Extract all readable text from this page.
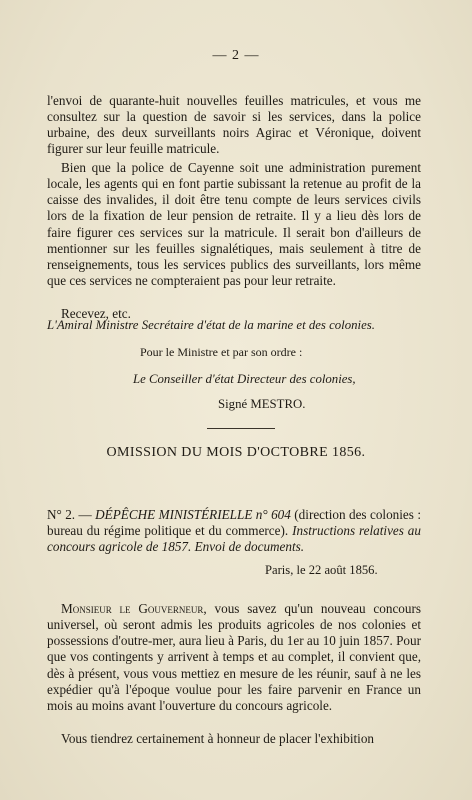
— 2 —

l'envoi de quarante-huit nouvelles feuilles matricules, et vous me consultez sur la question de savoir si les services, dans la police urbaine, des deux surveillants noirs Agirac et Véronique, doivent figurer sur leur feuille matricule.

Bien que la police de Cayenne soit une administration purement locale, les agents qui en font partie subissant la retenue au profit de la caisse des invalides, il doit être tenu compte de leurs services civils lors de la fixation de leur pension de retraite. Il y a lieu dès lors de faire figurer ces services sur la matricule. Il serait bon d'ailleurs de mentionner sur les feuilles signalétiques, mais seulement à titre de renseignements, tous les services publics des surveillants, lors même que ces services ne compteraient pas pour leur retraite.

Recevez, etc.

L'Amiral Ministre Secrétaire d'état de la marine et des colonies.
Pour le Ministre et par son ordre :
Le Conseiller d'état Directeur des colonies,
Signé MESTRO.
OMISSION DU MOIS D'OCTOBRE 1856.

N° 2. — DÉPÊCHE MINISTÉRIELLE n° 604 (direction des colonies : bureau du régime politique et du commerce). Instructions relatives au concours agricole de 1857. Envoi de documents.

Paris, le 22 août 1856.

Monsieur le Gouverneur, vous savez qu'un nouveau concours universel, où seront admis les produits agricoles de nos colonies et possessions d'outre-mer, aura lieu à Paris, du 1er au 10 juin 1857. Pour que vos contingents y arrivent à temps et au complet, il convient que, dès à présent, vous vous mettiez en mesure de les réunir, sauf à ne les expédier qu'à l'époque voulue pour les faire parvenir en France un mois au moins avant l'ouverture du concours agricole.

Vous tiendrez certainement à honneur de placer l'exhibition
